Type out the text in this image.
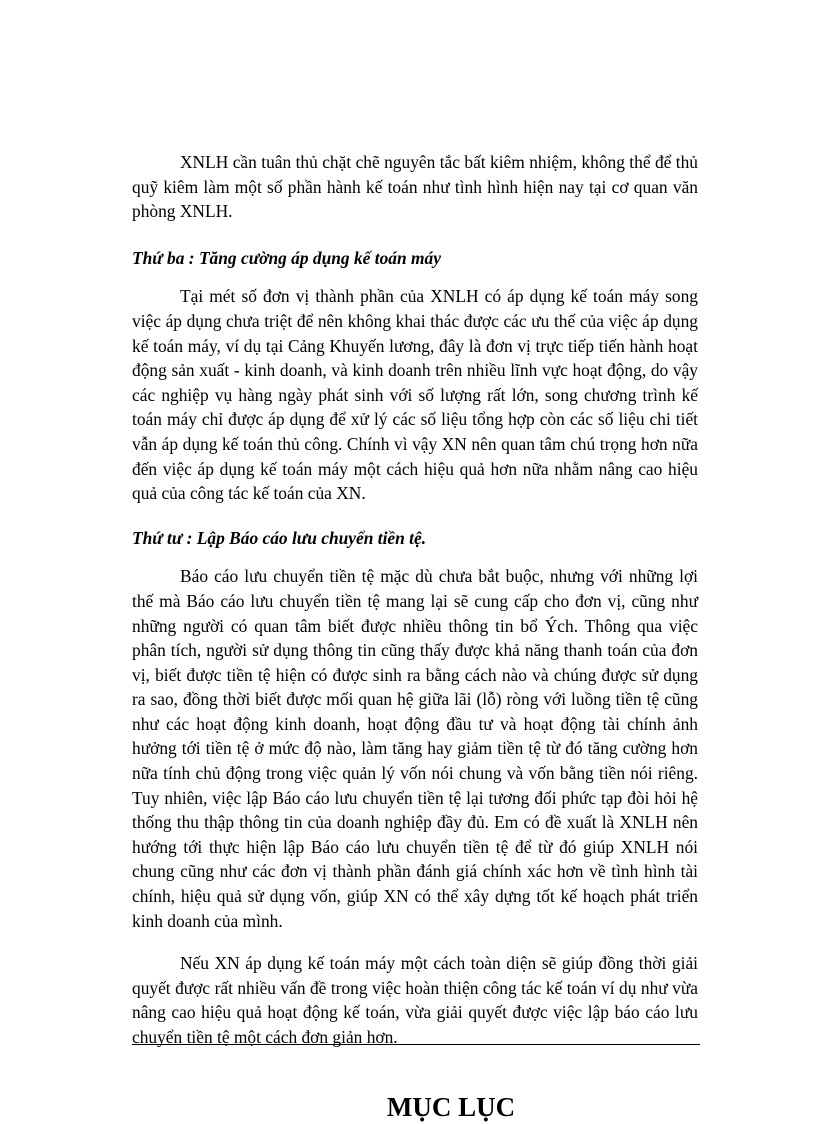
XNLH cần tuân thủ chặt chẽ nguyên tắc bất kiêm nhiệm, không thể để thủ quỹ kiêm làm một số phần hành kế toán như tình hình hiện nay tại cơ quan văn phòng XNLH.

Thứ ba : Tăng cường áp dụng kế toán máy

Tại mét số đơn vị thành phần của XNLH có áp dụng kế toán máy song việc áp dụng chưa triệt để nên không khai thác được các ưu thế của việc áp dụng kế toán máy, ví dụ tại Cảng Khuyến lương, đây là đơn vị trực tiếp tiến hành hoạt động sản xuất - kinh doanh, và kinh doanh trên nhiều lĩnh vực hoạt động, do vậy các nghiệp vụ hàng ngày phát sinh với số lượng rất lớn, song chương trình kế toán máy chỉ được áp dụng để xử lý các số liệu tổng hợp còn các số liệu chi tiết vẫn áp dụng kế toán thủ công. Chính vì vậy XN nên quan tâm chú trọng hơn nữa đến việc áp dụng kế toán máy một cách hiệu quả hơn nữa nhằm nâng cao hiệu quả của công tác kế toán của XN.

Thứ tư : Lập Báo cáo lưu chuyển tiền tệ.

Báo cáo lưu chuyển tiền tệ mặc dù chưa bắt buộc, nhưng với những lợi thế mà Báo cáo lưu chuyển tiền tệ mang lại sẽ cung cấp cho đơn vị, cũng như những người có quan tâm biết được nhiều thông tin bổ Ých. Thông qua việc phân tích, người sử dụng thông tin cũng thấy được khả năng thanh toán của đơn vị, biết được tiền tệ hiện có được sinh ra bằng cách nào và chúng được sử dụng ra sao, đồng thời biết được mối quan hệ giữa lãi (lỗ) ròng với luồng tiền tệ cũng như các hoạt động kinh doanh, hoạt động đầu tư và hoạt động tài chính ảnh hưởng tới tiền tệ ở mức độ nào, làm tăng hay giảm tiền tệ từ đó tăng cường hơn nữa tính chủ động trong việc quản lý vốn nói chung và vốn bằng tiền nói riêng. Tuy nhiên, việc lập Báo cáo lưu chuyển tiền tệ lại tương đối phức tạp đòi hỏi hệ thống thu thập thông tin của doanh nghiệp đầy đủ. Em có đề xuất là XNLH nên hướng tới thực hiện lập Báo cáo lưu chuyển tiền tệ để từ đó giúp XNLH nói chung cũng như các đơn vị thành phần đánh giá chính xác hơn về tình hình tài chính, hiệu quả sử dụng vốn, giúp XN có thể xây dựng tốt kế hoạch phát triển kinh doanh của mình.

Nếu XN áp dụng kế toán máy một cách toàn diện sẽ giúp đồng thời giải quyết được rất nhiều vấn đề trong việc hoàn thiện công tác kế toán ví dụ như vừa nâng cao hiệu quả hoạt động kế toán, vừa giải quyết được việc lập báo cáo lưu chuyển tiền tệ một cách đơn giản hơn.

MỤC LỤC
